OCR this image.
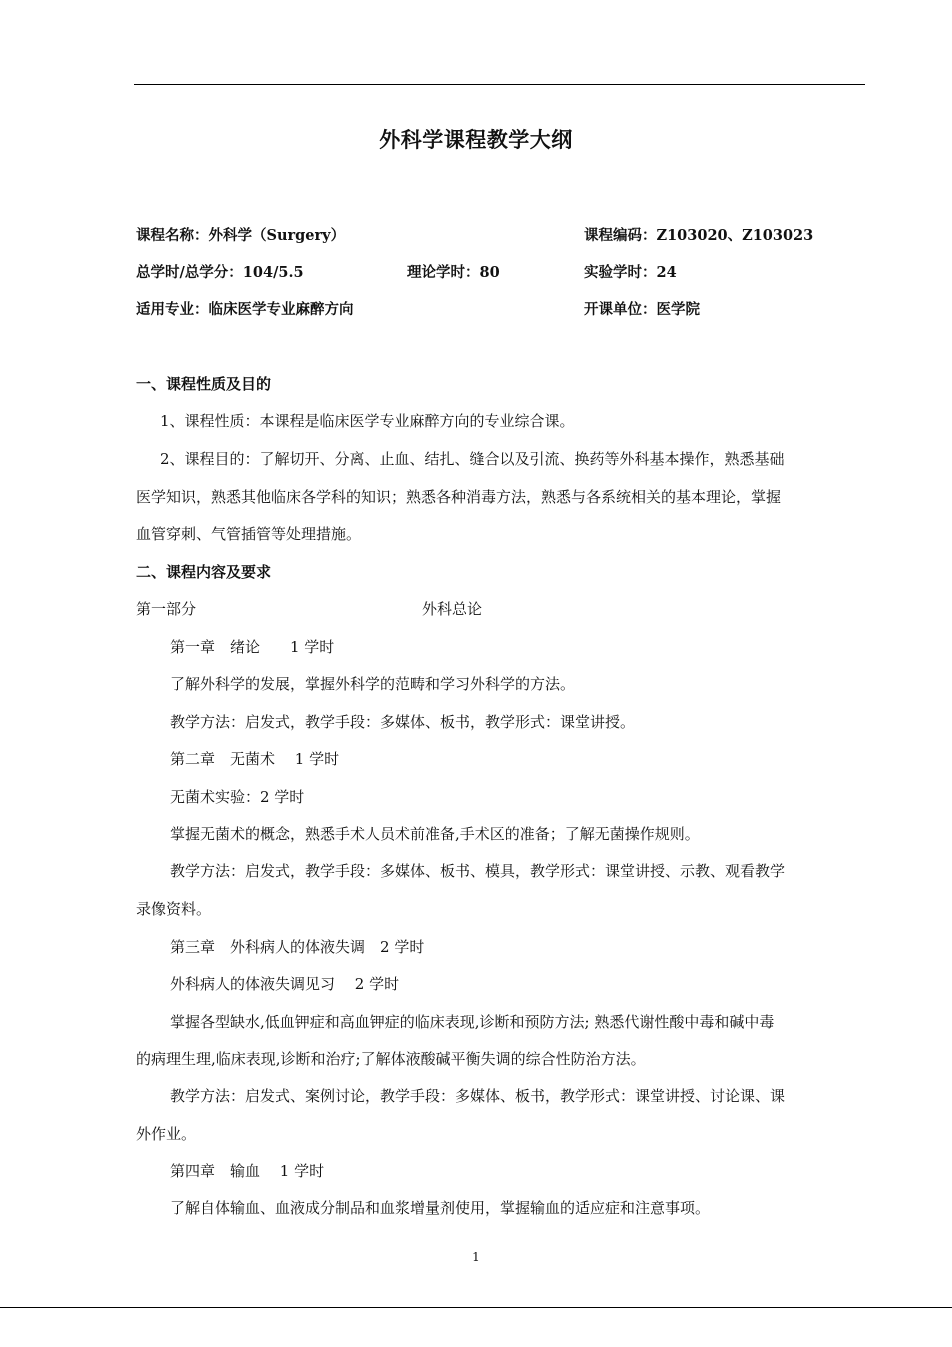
外科学课程教学大纲
课程名称：外科学（Surgery）	课程编码：Z103020、Z103023
总学时/总学分：104/5.5	理论学时：80	实验学时：24
适用专业：临床医学专业麻醉方向	开课单位：医学院
一、课程性质及目的
1、课程性质：本课程是临床医学专业麻醉方向的专业综合课。
2、课程目的：了解切开、分离、止血、结扎、缝合以及引流、换药等外科基本操作，熟悉基础
医学知识，熟悉其他临床各学科的知识；熟悉各种消毒方法，熟悉与各系统相关的基本理论，掌握
血管穿刺、气管插管等处理措施。
二、课程内容及要求
第一部分	外科总论
第一章　绪论　　1 学时
了解外科学的发展，掌握外科学的范畴和学习外科学的方法。
教学方法：启发式，教学手段：多媒体、板书，教学形式：课堂讲授。
第二章　无菌术　 1 学时
无菌术实验：2 学时
掌握无菌术的概念，熟悉手术人员术前准备,手术区的准备；了解无菌操作规则。
教学方法：启发式，教学手段：多媒体、板书、模具，教学形式：课堂讲授、示教、观看教学
录像资料。
第三章　外科病人的体液失调　2 学时
外科病人的体液失调见习　 2 学时
掌握各型缺水,低血钾症和高血钾症的临床表现,诊断和预防方法; 熟悉代谢性酸中毒和碱中毒
的病理生理,临床表现,诊断和治疗;了解体液酸碱平衡失调的综合性防治方法。
教学方法：启发式、案例讨论，教学手段：多媒体、板书，教学形式：课堂讲授、讨论课、课
外作业。
第四章　输血　 1 学时
了解自体输血、血液成分制品和血浆增量剂使用，掌握输血的适应症和注意事项。
1
